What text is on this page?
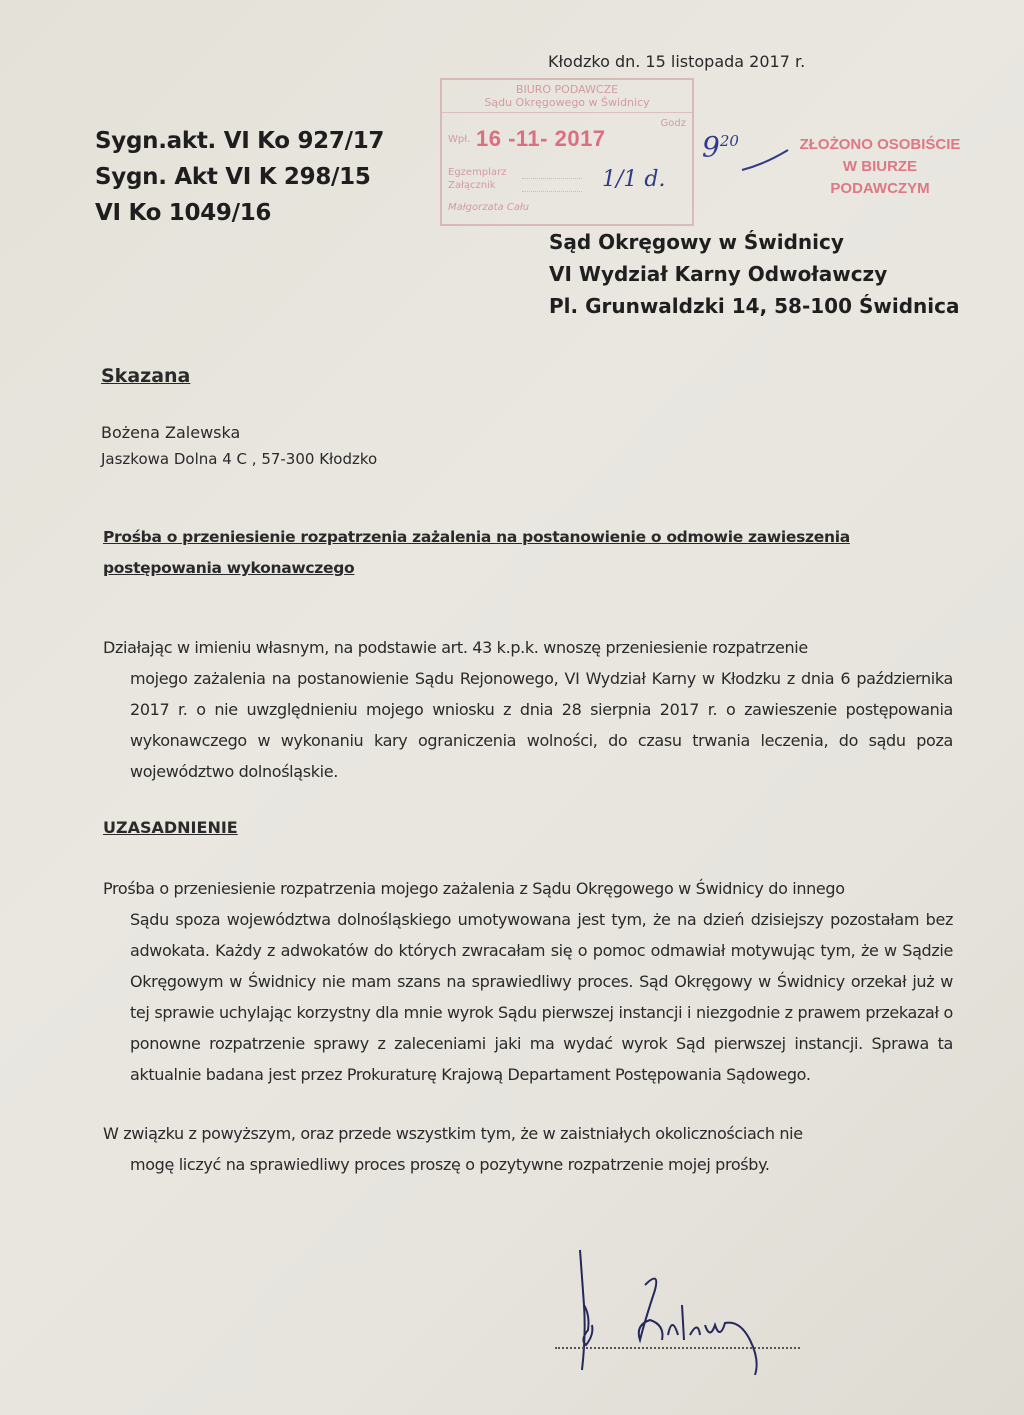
Sygn.akt. VI Ko 927/17
Sygn. Akt VI K 298/15
VI Ko 1049/16
Kłodzko dn. 15 listopada 2017 r.
BIURO PODAWCZE
Sądu Okręgowego w Świdnicy
Godz
Wpł. 16 -11- 2017
Egzemplarz
Załącznik
Małgorzata Cału
1/1 d.
$9^{20}$	ZŁOŻONO OSOBIŚCIE
W BIURZE
PODAWCZYM
Sąd Okręgowy w Świdnicy
VI Wydział Karny Odwoławczy
Pl. Grunwaldzki 14, 58-100 Świdnica
Skazana
Bożena Zalewska
Jaszkowa Dolna 4 C , 57-300 Kłodzko
Prośba o przeniesienie rozpatrzenia zażalenia na postanowienie o odmowie zawieszenia postępowania wykonawczego
Działając w imieniu własnym, na podstawie art. 43 k.p.k. wnoszę przeniesienie rozpatrzenie
mojego zażalenia na postanowienie Sądu Rejonowego, VI Wydział Karny w Kłodzku z dnia 6 października 2017 r. o nie uwzględnieniu mojego wniosku z dnia 28 sierpnia 2017 r. o zawieszenie postępowania wykonawczego w wykonaniu kary ograniczenia wolności, do czasu trwania leczenia, do sądu poza województwo dolnośląskie.
UZASADNIENIE
Prośba o przeniesienie rozpatrzenia mojego zażalenia z Sądu Okręgowego w Świdnicy do innego
Sądu spoza województwa dolnośląskiego umotywowana jest tym, że na dzień dzisiejszy pozostałam bez adwokata. Każdy z adwokatów do których zwracałam się o pomoc odmawiał motywując tym, że w Sądzie Okręgowym w Świdnicy nie mam szans na sprawiedliwy proces. Sąd Okręgowy w Świdnicy orzekał już w tej sprawie uchylając korzystny dla mnie wyrok Sądu pierwszej instancji i niezgodnie z prawem przekazał o ponowne rozpatrzenie sprawy z zaleceniami jaki ma wydać wyrok Sąd pierwszej instancji. Sprawa ta aktualnie badana jest przez Prokuraturę Krajową Departament Postępowania Sądowego.
W związku z powyższym, oraz przede wszystkim tym, że w zaistniałych okolicznościach nie
mogę liczyć na sprawiedliwy proces proszę o pozytywne rozpatrzenie mojej prośby.
